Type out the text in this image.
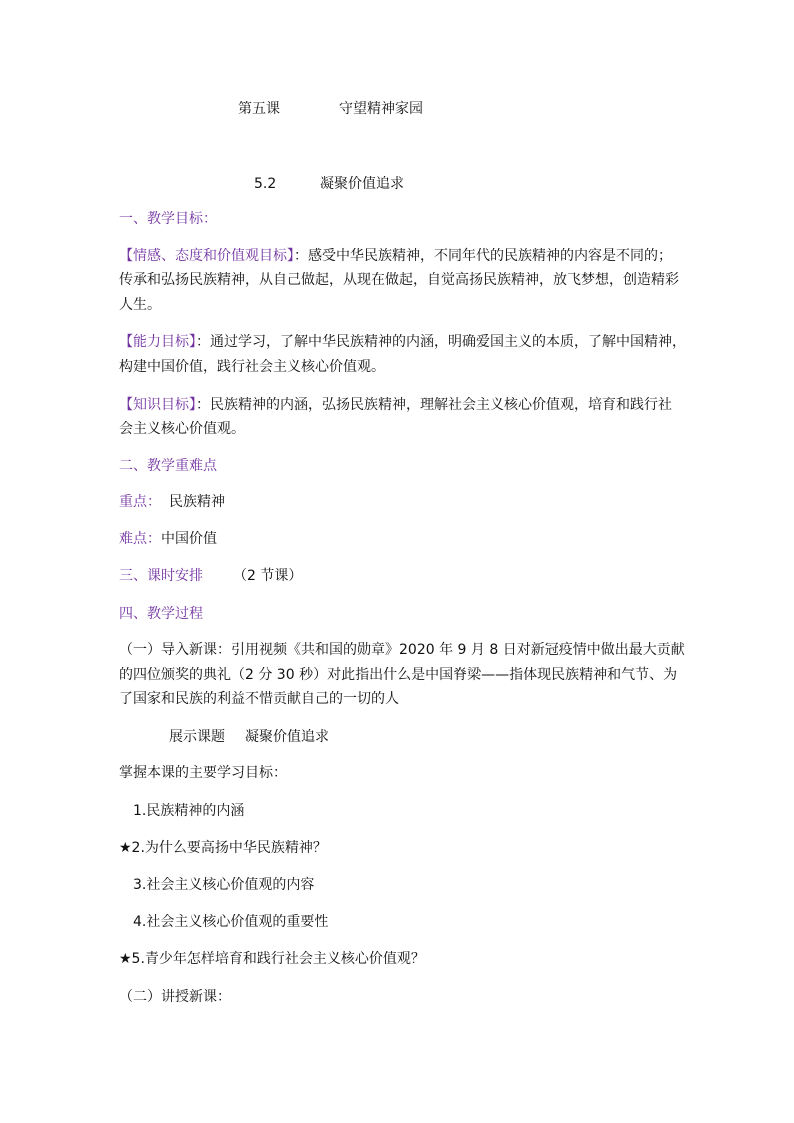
第五课	守望精神家园
5.2	凝聚价值追求
一、教学目标：
【情感、态度和价值观目标】：感受中华民族精神，不同年代的民族精神的内容是不同的；
传承和弘扬民族精神，从自己做起，从现在做起，自觉高扬民族精神，放飞梦想，创造精彩
人生。
【能力目标】：通过学习，了解中华民族精神的内涵，明确爱国主义的本质，了解中国精神，
构建中国价值，践行社会主义核心价值观。
【知识目标】：民族精神的内涵，弘扬民族精神，理解社会主义核心价值观，培育和践行社
会主义核心价值观。
二、教学重难点
重点： 民族精神
难点：中国价值
三、课时安排 （2 节课）
四、教学过程
（一）导入新课：引用视频《共和国的勋章》2020 年 9 月 8 日对新冠疫情中做出最大贡献
的四位颁奖的典礼（2 分 30 秒）对此指出什么是中国脊梁——指体现民族精神和气节、为
了国家和民族的利益不惜贡献自己的一切的人
展示课题 凝聚价值追求
掌握本课的主要学习目标：
1.民族精神的内涵
★2.为什么要高扬中华民族精神？
3.社会主义核心价值观的内容
4.社会主义核心价值观的重要性
★5.青少年怎样培育和践行社会主义核心价值观？
（二）讲授新课：
